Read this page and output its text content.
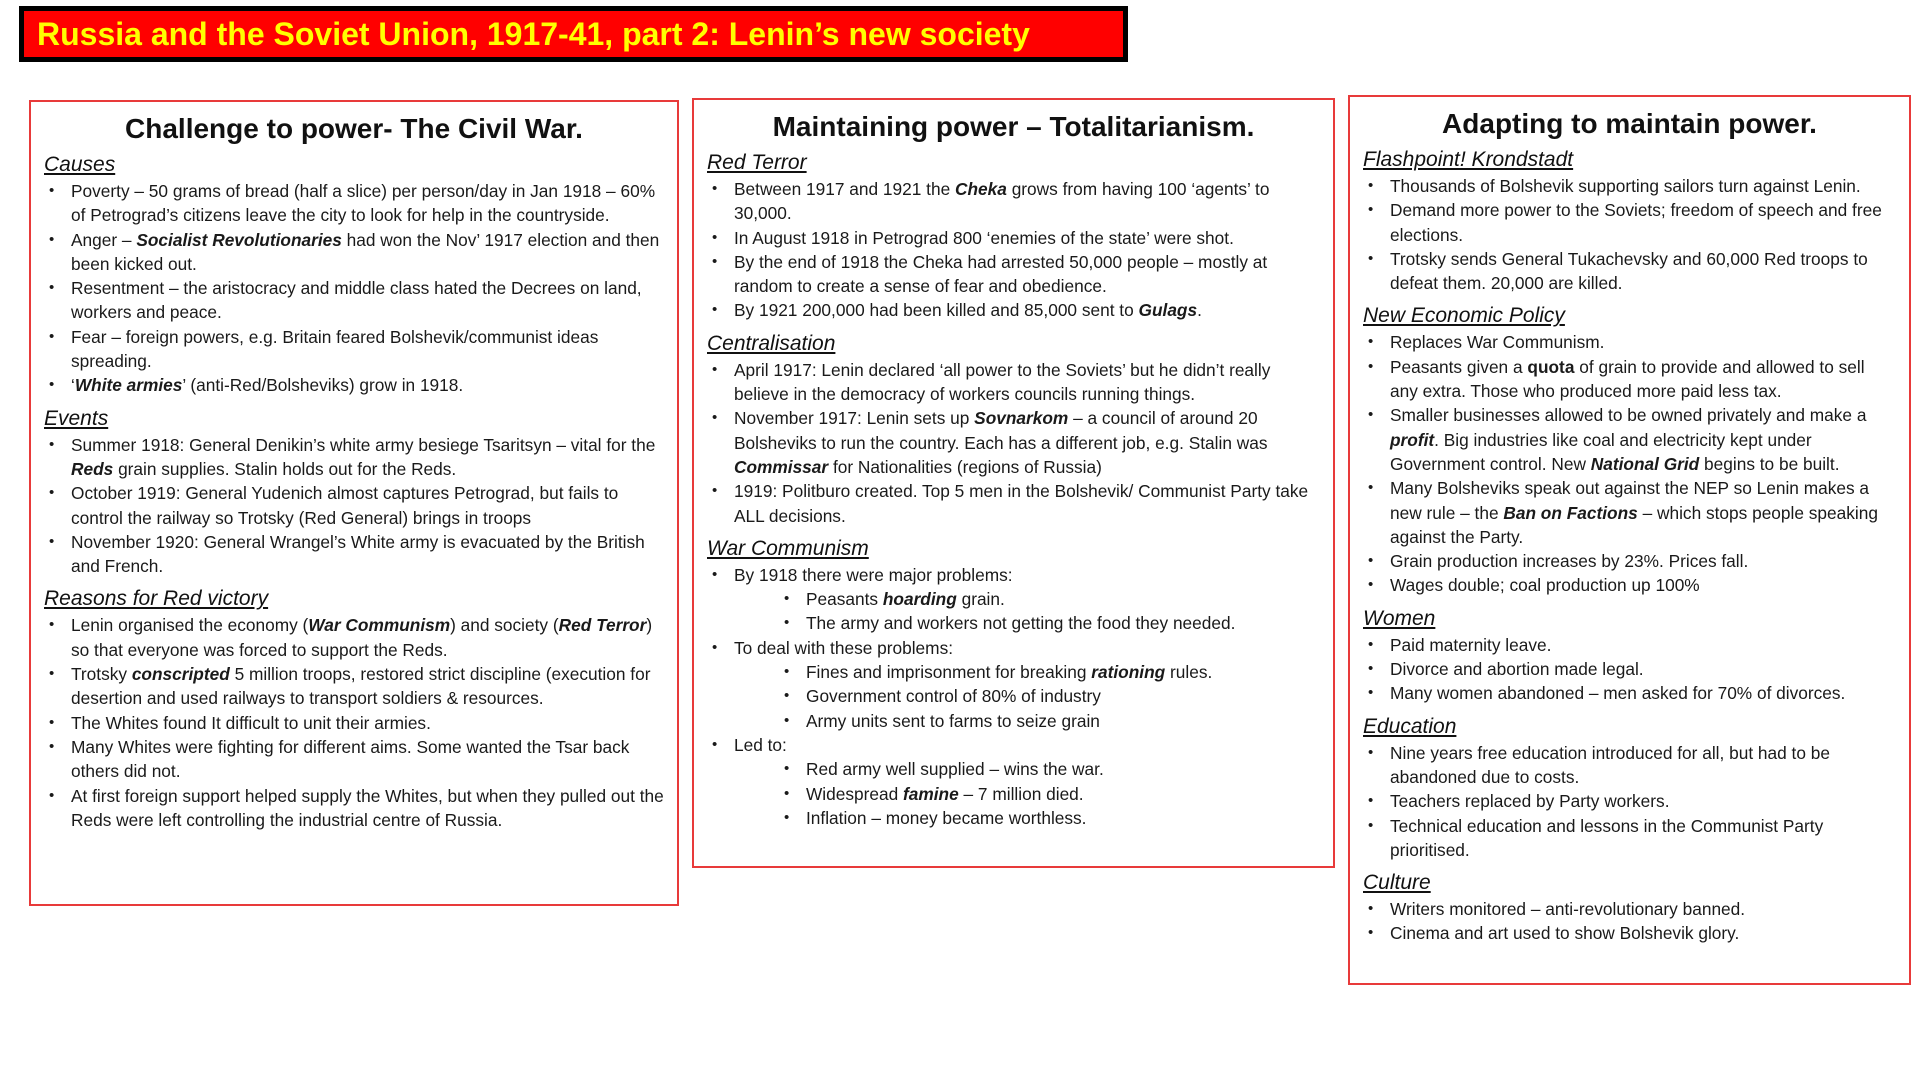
Russia and the Soviet Union, 1917-41, part 2: Lenin’s new society
Challenge to power- The Civil War.
Causes
• Poverty – 50 grams of bread (half a slice) per person/day in Jan 1918 – 60% of Petrograd’s citizens leave the city to look for help in the countryside.
• Anger – Socialist Revolutionaries had won the Nov’ 1917 election and then been kicked out.
• Resentment – the aristocracy and middle class hated the Decrees on land, workers and peace.
• Fear – foreign powers, e.g. Britain feared Bolshevik/communist ideas spreading.
• ‘White armies’ (anti-Red/Bolsheviks) grow in 1918.
Events
• Summer 1918: General Denikin’s white army besiege Tsaritsyn – vital for the Reds grain supplies. Stalin holds out for the Reds.
• October 1919: General Yudenich almost captures Petrograd, but fails to control the railway so Trotsky (Red General) brings in troops
• November 1920: General Wrangel’s White army is evacuated by the British and French.
Reasons for Red victory
• Lenin organised the economy (War Communism) and society (Red Terror) so that everyone was forced to support the Reds.
• Trotsky conscripted 5 million troops, restored strict discipline (execution for desertion and used railways to transport soldiers & resources.
• The Whites found It difficult to unit their armies.
• Many Whites were fighting for different aims. Some wanted the Tsar back others did not.
• At first foreign support helped supply the Whites, but when they pulled out the Reds were left controlling the industrial centre of Russia.
Maintaining power – Totalitarianism.
Red Terror
• Between 1917 and 1921 the Cheka grows from having 100 ‘agents’ to 30,000.
• In August 1918 in Petrograd 800 ‘enemies of the state’ were shot.
• By the end of 1918 the Cheka had arrested 50,000 people – mostly at random to create a sense of fear and obedience.
• By 1921 200,000 had been killed and 85,000 sent to Gulags.
Centralisation
• April 1917: Lenin declared ‘all power to the Soviets’ but he didn’t really believe in the democracy of workers councils running things.
• November 1917: Lenin sets up Sovnarkom – a council of around 20 Bolsheviks to run the country. Each has a different job, e.g. Stalin was Commissar for Nationalities (regions of Russia)
• 1919: Politburo created. Top 5 men in the Bolshevik/ Communist Party take ALL decisions.
War Communism
• By 1918 there were major problems:
• Peasants hoarding grain.
• The army and workers not getting the food they needed.
• To deal with these problems:
• Fines and imprisonment for breaking rationing rules.
• Government control of 80% of industry
• Army units sent to farms to seize grain
• Led to:
• Red army well supplied – wins the war.
• Widespread famine – 7 million died.
• Inflation – money became worthless.
Adapting to maintain power.
Flashpoint! Krondstadt
• Thousands of Bolshevik supporting sailors turn against Lenin.
• Demand more power to the Soviets; freedom of speech and free elections.
• Trotsky sends General Tukachevsky and 60,000 Red troops to defeat them. 20,000 are killed.
New Economic Policy
• Replaces War Communism.
• Peasants given a quota of grain to provide and allowed to sell any extra. Those who produced more paid less tax.
• Smaller businesses allowed to be owned privately and make a profit. Big industries like coal and electricity kept under Government control. New National Grid begins to be built.
• Many Bolsheviks speak out against the NEP so Lenin makes a new rule – the Ban on Factions – which stops people speaking against the Party.
• Grain production increases by 23%. Prices fall.
• Wages double; coal production up 100%
Women
• Paid maternity leave.
• Divorce and abortion made legal.
• Many women abandoned – men asked for 70% of divorces.
Education
• Nine years free education introduced for all, but had to be abandoned due to costs.
• Teachers replaced by Party workers.
• Technical education and lessons in the Communist Party prioritised.
Culture
• Writers monitored – anti-revolutionary banned.
• Cinema and art used to show Bolshevik glory.
